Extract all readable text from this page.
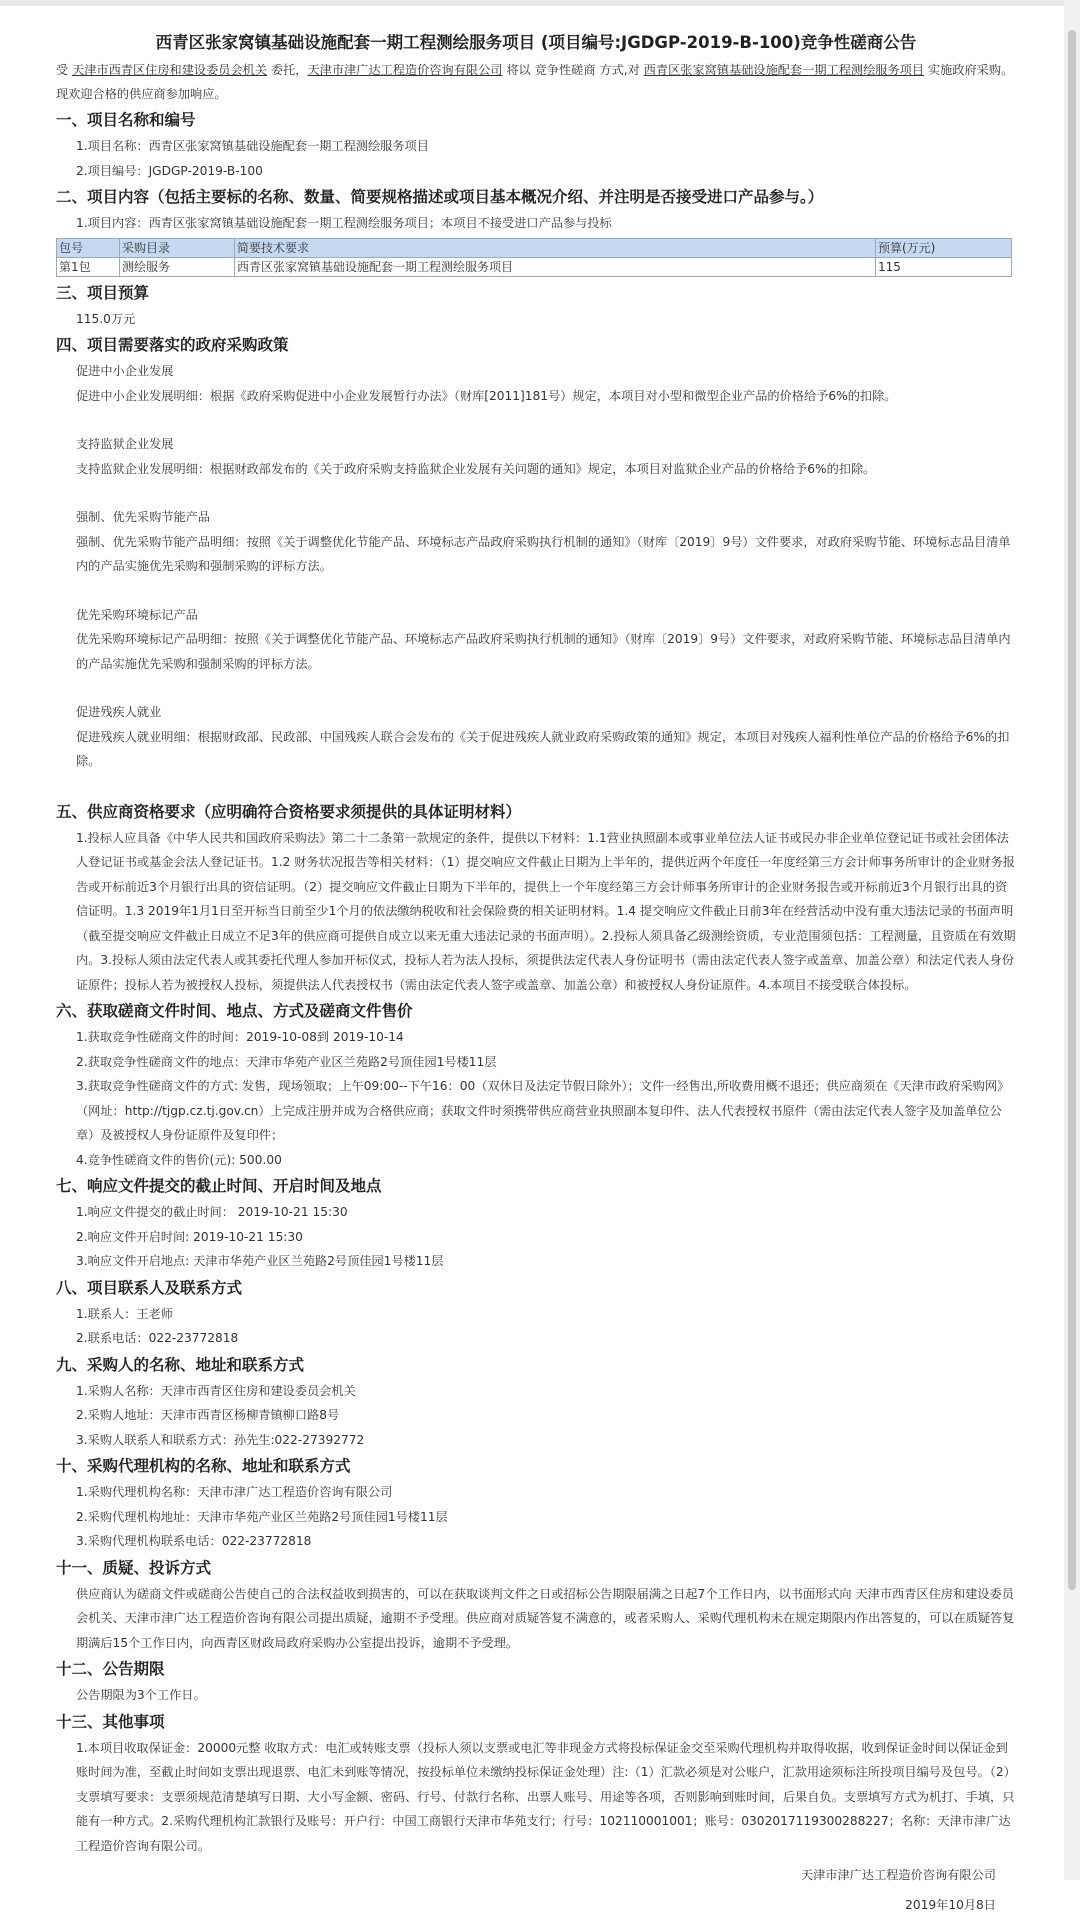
西青区张家窝镇基础设施配套一期工程测绘服务项目 (项目编号:JGDGP-2019-B-100)竞争性磋商公告

受 天津市西青区住房和建设委员会机关 委托，天津市津广达工程造价咨询有限公司 将以 竞争性磋商 方式,对 西青区张家窝镇基础设施配套一期工程测绘服务项目 实施政府采购。现欢迎合格的供应商参加响应。

一、项目名称和编号
1.项目名称：西青区张家窝镇基础设施配套一期工程测绘服务项目
2.项目编号：JGDGP-2019-B-100
二、项目内容（包括主要标的名称、数量、简要规格描述或项目基本概况介绍、并注明是否接受进口产品参与。）
1.项目内容：西青区张家窝镇基础设施配套一期工程测绘服务项目；本项目不接受进口产品参与投标
包号	采购目录	简要技术要求	预算(万元)
第1包	测绘服务	西青区张家窝镇基础设施配套一期工程测绘服务项目	115
三、项目预算
115.0万元
四、项目需要落实的政府采购政策
促进中小企业发展
促进中小企业发展明细：根据《政府采购促进中小企业发展暂行办法》（财库[2011]181号）规定，本项目对小型和微型企业产品的价格给予6%的扣除。
支持监狱企业发展
支持监狱企业发展明细：根据财政部发布的《关于政府采购支持监狱企业发展有关问题的通知》规定，本项目对监狱企业产品的价格给予6%的扣除。
强制、优先采购节能产品
强制、优先采购节能产品明细：按照《关于调整优化节能产品、环境标志产品政府采购执行机制的通知》（财库〔2019〕9号）文件要求，对政府采购节能、环境标志品目清单内的产品实施优先采购和强制采购的评标方法。
优先采购环境标记产品
优先采购环境标记产品明细：按照《关于调整优化节能产品、环境标志产品政府采购执行机制的通知》（财库〔2019〕9号）文件要求，对政府采购节能、环境标志品目清单内的产品实施优先采购和强制采购的评标方法。
促进残疾人就业
促进残疾人就业明细：根据财政部、民政部、中国残疾人联合会发布的《关于促进残疾人就业政府采购政策的通知》规定，本项目对残疾人福利性单位产品的价格给予6%的扣除。
五、供应商资格要求（应明确符合资格要求须提供的具体证明材料）
1.投标人应具备《中华人民共和国政府采购法》第二十二条第一款规定的条件，提供以下材料：1.1营业执照副本或事业单位法人证书或民办非企业单位登记证书或社会团体法人登记证书或基金会法人登记证书。1.2 财务状况报告等相关材料：（1）提交响应文件截止日期为上半年的，提供近两个年度任一年度经第三方会计师事务所审计的企业财务报告或开标前近3个月银行出具的资信证明。（2）提交响应文件截止日期为下半年的，提供上一个年度经第三方会计师事务所审计的企业财务报告或开标前近3个月银行出具的资信证明。1.3 2019年1月1日至开标当日前至少1个月的依法缴纳税收和社会保险费的相关证明材料。1.4 提交响应文件截止日前3年在经营活动中没有重大违法记录的书面声明（截至提交响应文件截止日成立不足3年的供应商可提供自成立以来无重大违法记录的书面声明）。2.投标人须具备乙级测绘资质，专业范围须包括：工程测量，且资质在有效期内。3.投标人须由法定代表人或其委托代理人参加开标仪式，投标人若为法人投标，须提供法定代表人身份证明书（需由法定代表人签字或盖章、加盖公章）和法定代表人身份证原件；投标人若为被授权人投标，须提供法人代表授权书（需由法定代表人签字或盖章、加盖公章）和被授权人身份证原件。4.本项目不接受联合体投标。
六、获取磋商文件时间、地点、方式及磋商文件售价
1.获取竞争性磋商文件的时间：2019-10-08到 2019-10-14
2.获取竞争性磋商文件的地点：天津市华苑产业区兰苑路2号顶佳园1号楼11层
3.获取竞争性磋商文件的方式: 发售，现场领取；上午09:00--下午16：00（双休日及法定节假日除外）；文件一经售出,所收费用概不退还；供应商须在《天津市政府采购网》（网址：http://tjgp.cz.tj.gov.cn）上完成注册并成为合格供应商；获取文件时须携带供应商营业执照副本复印件、法人代表授权书原件（需由法定代表人签字及加盖单位公章）及被授权人身份证原件及复印件；
4.竞争性磋商文件的售价(元): 500.00
七、响应文件提交的截止时间、开启时间及地点
1.响应文件提交的截止时间： 2019-10-21 15:30
2.响应文件开启时间: 2019-10-21 15:30
3.响应文件开启地点: 天津市华苑产业区兰苑路2号顶佳园1号楼11层
八、项目联系人及联系方式
1.联系人：王老师
2.联系电话：022-23772818
九、采购人的名称、地址和联系方式
1.采购人名称：天津市西青区住房和建设委员会机关
2.采购人地址：天津市西青区杨柳青镇柳口路8号
3.采购人联系人和联系方式：孙先生:022-27392772
十、采购代理机构的名称、地址和联系方式
1.采购代理机构名称：天津市津广达工程造价咨询有限公司
2.采购代理机构地址：天津市华苑产业区兰苑路2号顶佳园1号楼11层
3.采购代理机构联系电话：022-23772818
十一、质疑、投诉方式
供应商认为磋商文件或磋商公告使自己的合法权益收到损害的，可以在获取谈判文件之日或招标公告期限届满之日起7个工作日内，以书面形式向 天津市西青区住房和建设委员会机关、天津市津广达工程造价咨询有限公司提出质疑，逾期不予受理。供应商对质疑答复不满意的，或者采购人、采购代理机构未在规定期限内作出答复的，可以在质疑答复期满后15个工作日内，向西青区财政局政府采购办公室提出投诉，逾期不予受理。
十二、公告期限
公告期限为3个工作日。
十三、其他事项
1.本项目收取保证金：20000元整 收取方式：电汇或转账支票（投标人须以支票或电汇等非现金方式将投标保证金交至采购代理机构并取得收据，收到保证金时间以保证金到账时间为准，至截止时间如支票出现退票、电汇未到账等情况，按投标单位未缴纳投标保证金处理）注:（1）汇款必须是对公账户，汇款用途须标注所投项目编号及包号。（2）支票填写要求：支票须规范清楚填写日期、大小写金额、密码、行号、付款行名称、出票人账号、用途等各项，否则影响到账时间，后果自负。支票填写方式为机打、手填，只能有一种方式。2.采购代理机构汇款银行及账号：开户行：中国工商银行天津市华苑支行；行号：102110001001；账号：0302017119300288227；名称：天津市津广达工程造价咨询有限公司。
天津市津广达工程造价咨询有限公司
2019年10月8日
